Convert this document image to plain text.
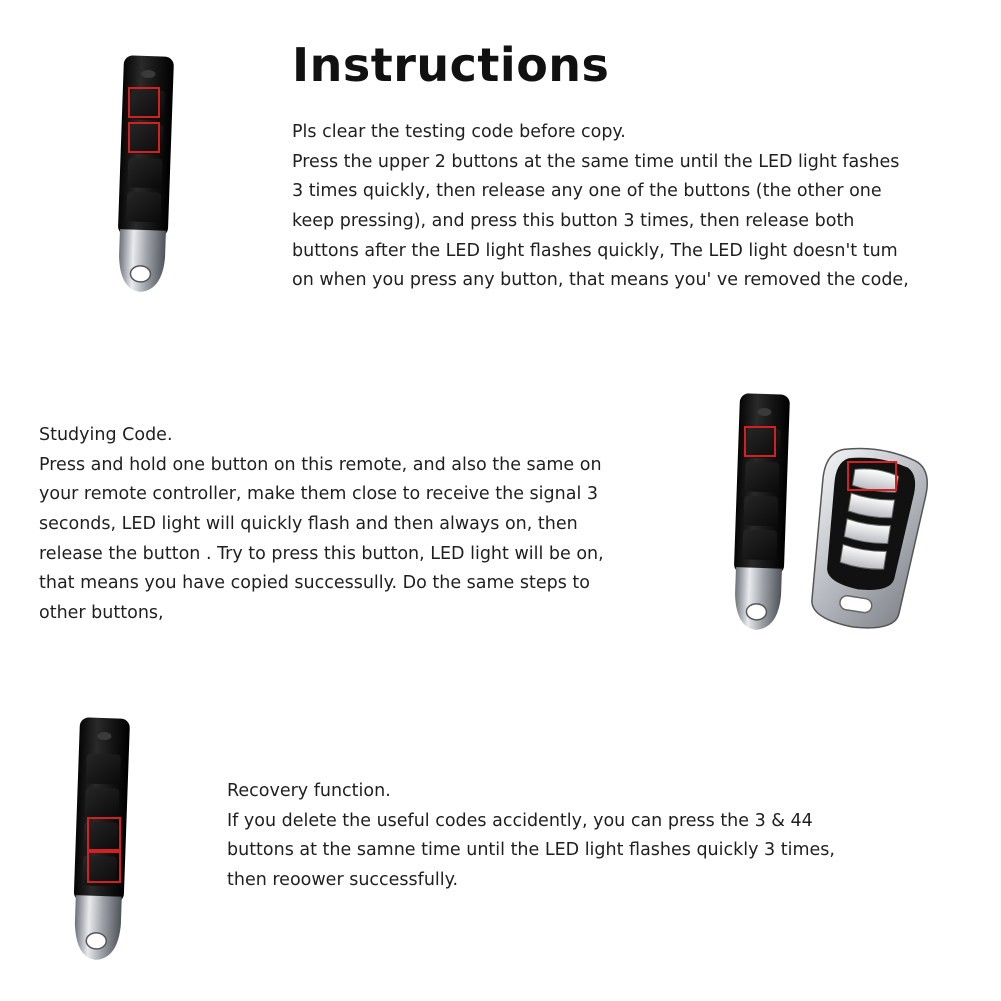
Instructions
Pls clear the testing code before copy.
Press the upper 2 buttons at the same time until the LED light fashes
3 times quickly, then release any one of the buttons (the other one
keep pressing), and press this button 3 times, then release both
buttons after the LED light flashes quickly, The LED light doesn't tum
on when you press any button, that means you' ve removed the code,
Studying Code.
Press and hold one button on this remote, and also the same on
your remote controller, make them close to receive the signal 3
seconds, LED light will quickly flash and then always on, then
release the button . Try to press this button, LED light will be on,
that means you have copied successully. Do the same steps to
other buttons,
Recovery function.
If you delete the useful codes accidently, you can press the 3 & 44
buttons at the samne time until the LED light flashes quickly 3 times,
then reoower successfully.
